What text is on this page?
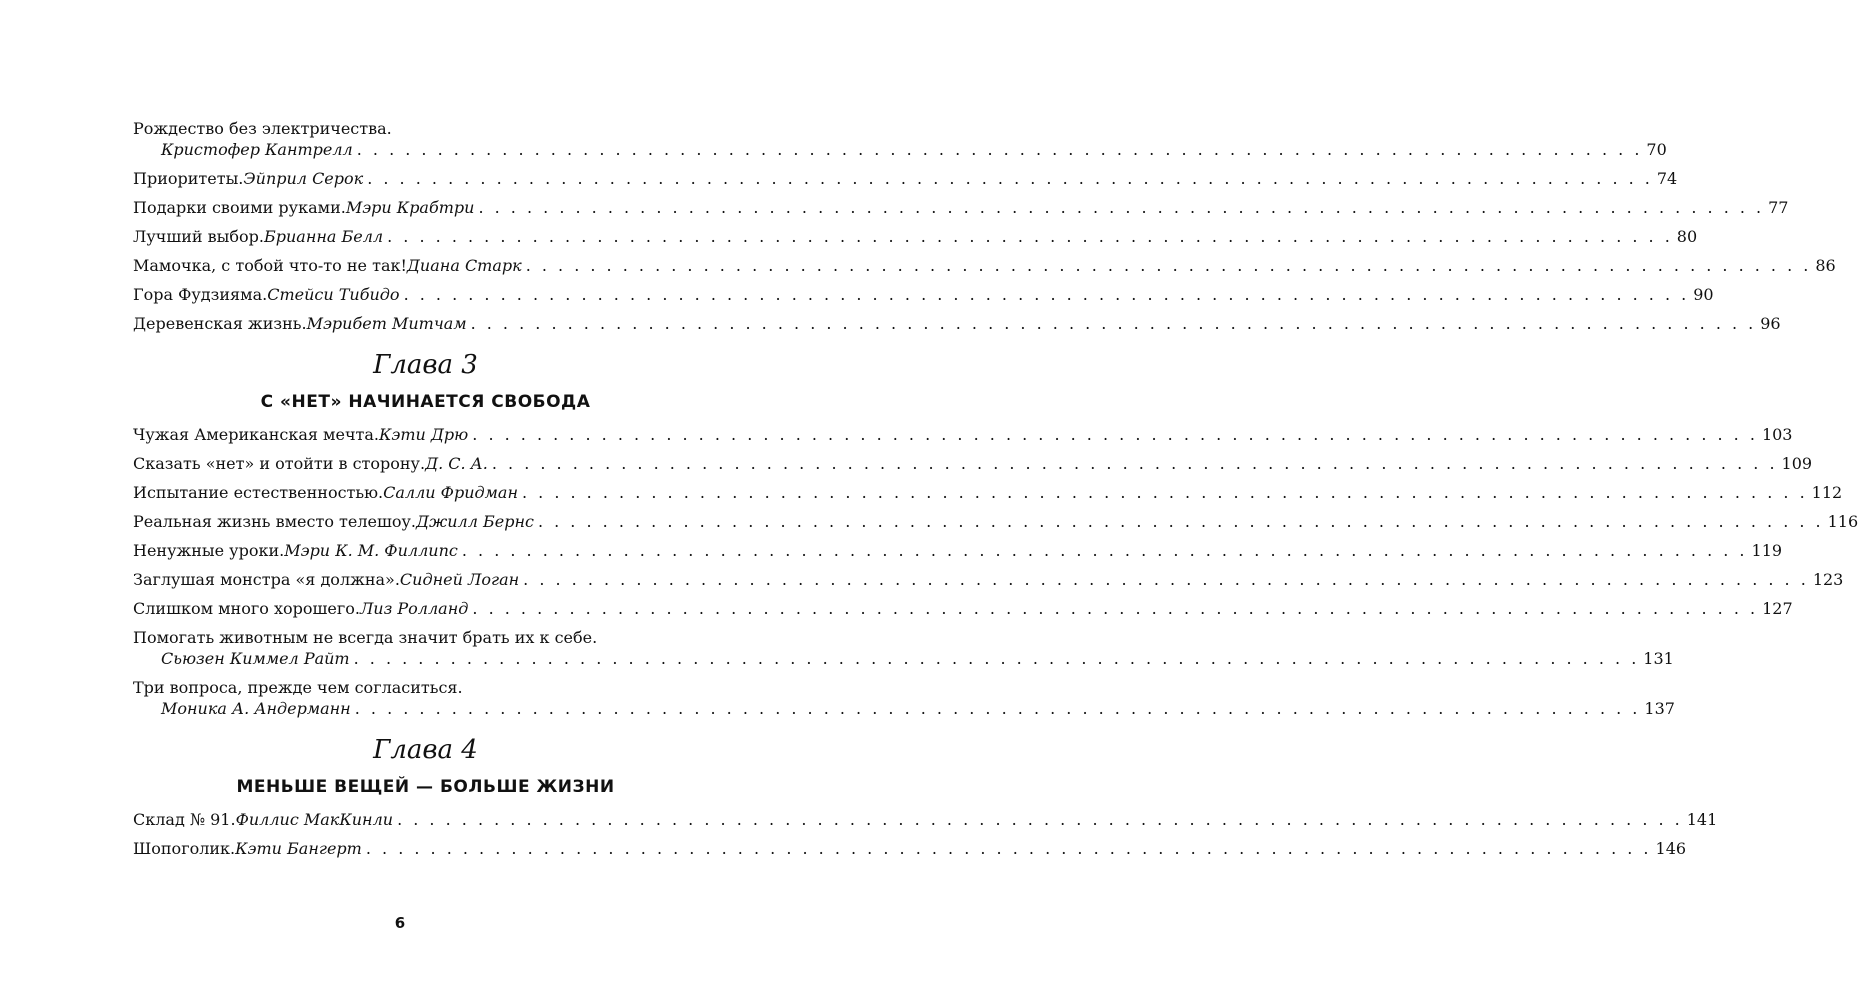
Рождество без электричества.
Кристофер Кантрелл . . . . . . . . . . . . . . . . . . . . . . . . . . . . . . . . . . . . . . . . . . . . . . . . . . . . . . . . . . . . . . . . . . . . . . . . . . . . . . . . 70
Приоритеты. Эйприл Серок . . . . . . . . . . . . . . . . . . . . . . . . . . . . . . . . . . . . . . . . . . . . . . . . . . . . . . . . . . . . . . . . . . . . . . . . . . . . . . . . 74
Подарки своими руками. Мэри Крабтри . . . . . . . . . . . . . . . . . . . . . . . . . . . . . . . . . . . . . . . . . . . . . . . . . . . . . . . . . . . . . . . . . . . . . . . . . . . . . . . . 77
Лучший выбор. Брианна Белл . . . . . . . . . . . . . . . . . . . . . . . . . . . . . . . . . . . . . . . . . . . . . . . . . . . . . . . . . . . . . . . . . . . . . . . . . . . . . . . . 80
Мамочка, с тобой что-то не так! Диана Старк . . . . . . . . . . . . . . . . . . . . . . . . . . . . . . . . . . . . . . . . . . . . . . . . . . . . . . . . . . . . . . . . . . . . . . . . . . . . . . . . 86
Гора Фудзияма. Стейси Тибидо . . . . . . . . . . . . . . . . . . . . . . . . . . . . . . . . . . . . . . . . . . . . . . . . . . . . . . . . . . . . . . . . . . . . . . . . . . . . . . . . 90
Деревенская жизнь. Мэрибет Митчам . . . . . . . . . . . . . . . . . . . . . . . . . . . . . . . . . . . . . . . . . . . . . . . . . . . . . . . . . . . . . . . . . . . . . . . . . . . . . . . . 96
Глава 3
С «НЕТ» НАЧИНАЕТСЯ СВОБОДА
Чужая Американская мечта. Кэти Дрю . . . . . . . . . . . . . . . . . . . . . . . . . . . . . . . . . . . . . . . . . . . . . . . . . . . . . . . . . . . . . . . . . . . . . . . . . . . . . . . . 103
Сказать «нет» и отойти в сторону. Д. С. А. . . . . . . . . . . . . . . . . . . . . . . . . . . . . . . . . . . . . . . . . . . . . . . . . . . . . . . . . . . . . . . . . . . . . . . . . . . . . . . . . 109
Испытание естественностью. Салли Фридман . . . . . . . . . . . . . . . . . . . . . . . . . . . . . . . . . . . . . . . . . . . . . . . . . . . . . . . . . . . . . . . . . . . . . . . . . . . . . . . . 112
Реальная жизнь вместо телешоу. Джилл Бернс . . . . . . . . . . . . . . . . . . . . . . . . . . . . . . . . . . . . . . . . . . . . . . . . . . . . . . . . . . . . . . . . . . . . . . . . . . . . . . . . 116
Ненужные уроки. Мэри К. М. Филлипс . . . . . . . . . . . . . . . . . . . . . . . . . . . . . . . . . . . . . . . . . . . . . . . . . . . . . . . . . . . . . . . . . . . . . . . . . . . . . . . . 119
Заглушая монстра «я должна». Сидней Логан . . . . . . . . . . . . . . . . . . . . . . . . . . . . . . . . . . . . . . . . . . . . . . . . . . . . . . . . . . . . . . . . . . . . . . . . . . . . . . . . 123
Слишком много хорошего. Лиз Ролланд . . . . . . . . . . . . . . . . . . . . . . . . . . . . . . . . . . . . . . . . . . . . . . . . . . . . . . . . . . . . . . . . . . . . . . . . . . . . . . . . 127
Помогать животным не всегда значит брать их к себе.
Сьюзен Киммел Райт . . . . . . . . . . . . . . . . . . . . . . . . . . . . . . . . . . . . . . . . . . . . . . . . . . . . . . . . . . . . . . . . . . . . . . . . . . . . . . . . 131
Три вопроса, прежде чем согласиться.
Моника А. Андерманн . . . . . . . . . . . . . . . . . . . . . . . . . . . . . . . . . . . . . . . . . . . . . . . . . . . . . . . . . . . . . . . . . . . . . . . . . . . . . . . . 137
Глава 4
МЕНЬШЕ ВЕЩЕЙ — БОЛЬШЕ ЖИЗНИ
Склад № 91. Филлис МакКинли . . . . . . . . . . . . . . . . . . . . . . . . . . . . . . . . . . . . . . . . . . . . . . . . . . . . . . . . . . . . . . . . . . . . . . . . . . . . . . . . 141
Шопоголик. Кэти Бангерт . . . . . . . . . . . . . . . . . . . . . . . . . . . . . . . . . . . . . . . . . . . . . . . . . . . . . . . . . . . . . . . . . . . . . . . . . . . . . . . . 146
6
